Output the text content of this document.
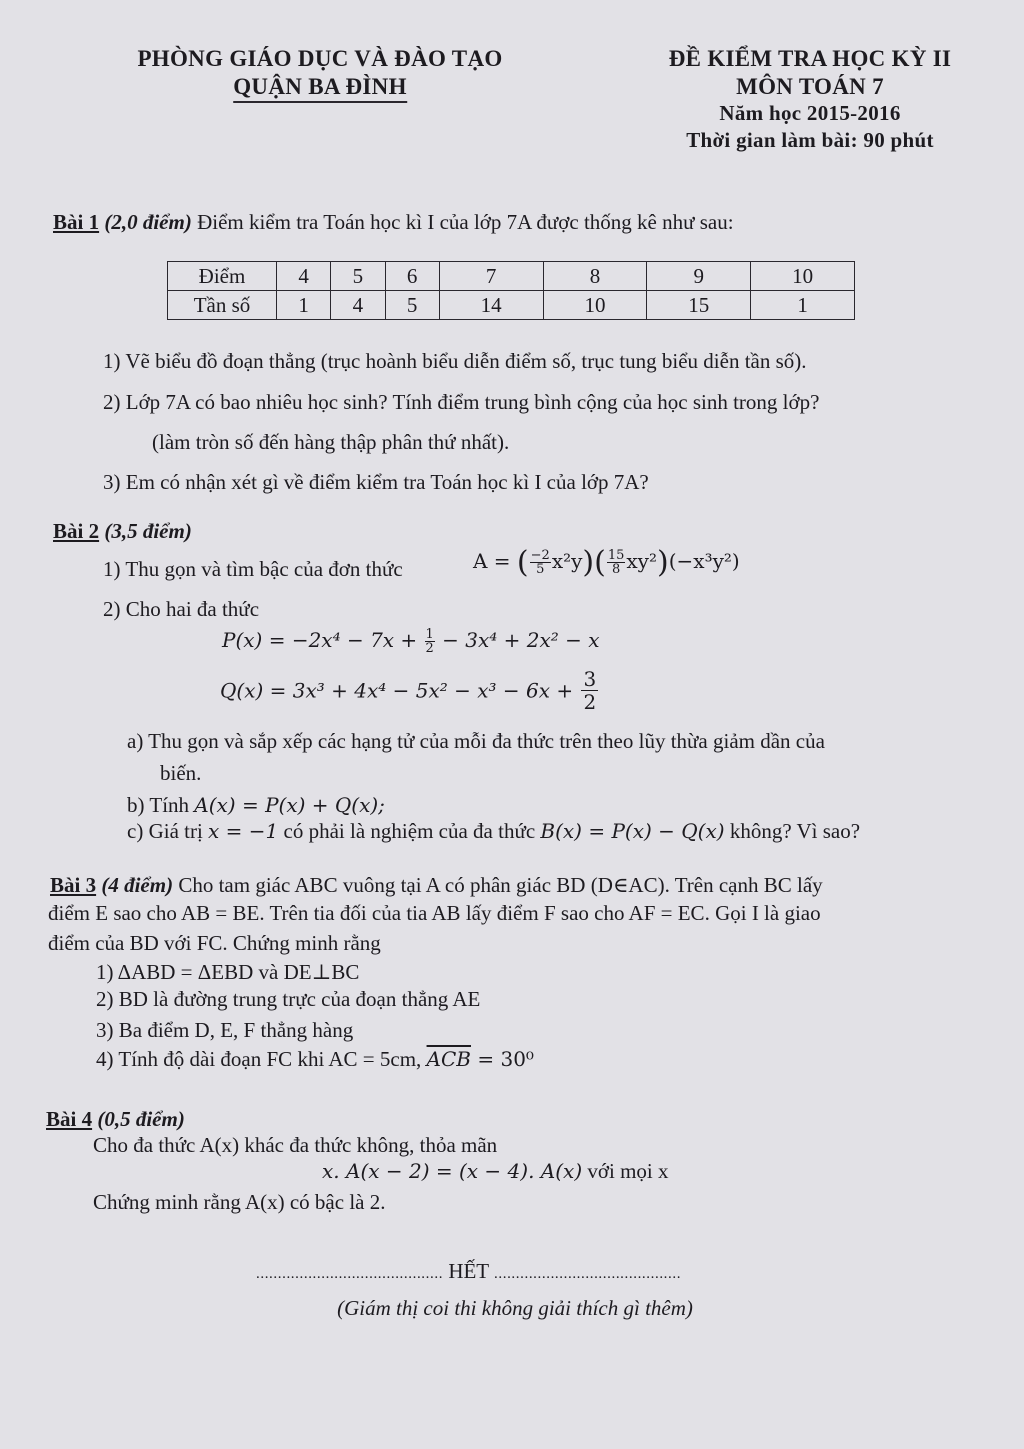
PHÒNG GIÁO DỤC VÀ ĐÀO TẠO
QUẬN BA ĐÌNH
ĐỀ KIỂM TRA HỌC KỲ II
MÔN TOÁN 7
Năm học 2015-2016
Thời gian làm bài: 90 phút
Bài 1 (2,0 điểm) Điểm kiểm tra Toán học kì I của lớp 7A được thống kê như sau:
Điểm	4	5	6	7	8	9	10
Tần số	1	4	5	14	10	15	1
1) Vẽ biểu đồ đoạn thẳng (trục hoành biểu diễn điểm số, trục tung biểu diễn tần số).
2) Lớp 7A có bao nhiêu học sinh? Tính điểm trung bình cộng của học sinh trong lớp?
(làm tròn số đến hàng thập phân thứ nhất).
3) Em có nhận xét gì về điểm kiểm tra Toán học kì I của lớp 7A?
Bài 2 (3,5 điểm)
1) Thu gọn và tìm bậc của đơn thức	A = ( $\frac{-2}{5} x^2y)( \frac{15}{8} xy^2)(-x^3y^2)$
2) Cho hai đa thức
$P(x) = -2x^4 - 7x + \frac{1}{2} - 3x^4 + 2x^2 - x$
$Q(x) = 3x^3 + 4x^4 - 5x^2 - x^3 - 6x + \frac{3}{2}$
a) Thu gọn và sắp xếp các hạng tử của mỗi đa thức trên theo lũy thừa giảm dần của
biến.
b) Tính A(x) = P(x) + Q(x);
c) Giá trị x = −1 có phải là nghiệm của đa thức B(x) = P(x) − Q(x) không? Vì sao?
Bài 3 (4 điểm) Cho tam giác ABC vuông tại A có phân giác BD (D∈AC). Trên cạnh BC lấy
điểm E sao cho AB = BE. Trên tia đối của tia AB lấy điểm F sao cho AF = EC. Gọi I là giao
điểm của BD với FC. Chứng minh rằng
1) ΔABD = ΔEBD và DE⊥BC
2) BD là đường trung trực của đoạn thẳng AE
3) Ba điểm D, E, F thẳng hàng
4) Tính độ dài đoạn FC khi AC = 5cm, $\overline{ACB} = 30^0$
Bài 4 (0,5 điểm)
Cho đa thức A(x) khác đa thức không, thỏa mãn
x. A(x − 2) = (x − 4). A(x) với mọi x
Chứng minh rằng A(x) có bậc là 2.
........................................... HẾT ...........................................
(Giám thị coi thi không giải thích gì thêm)
